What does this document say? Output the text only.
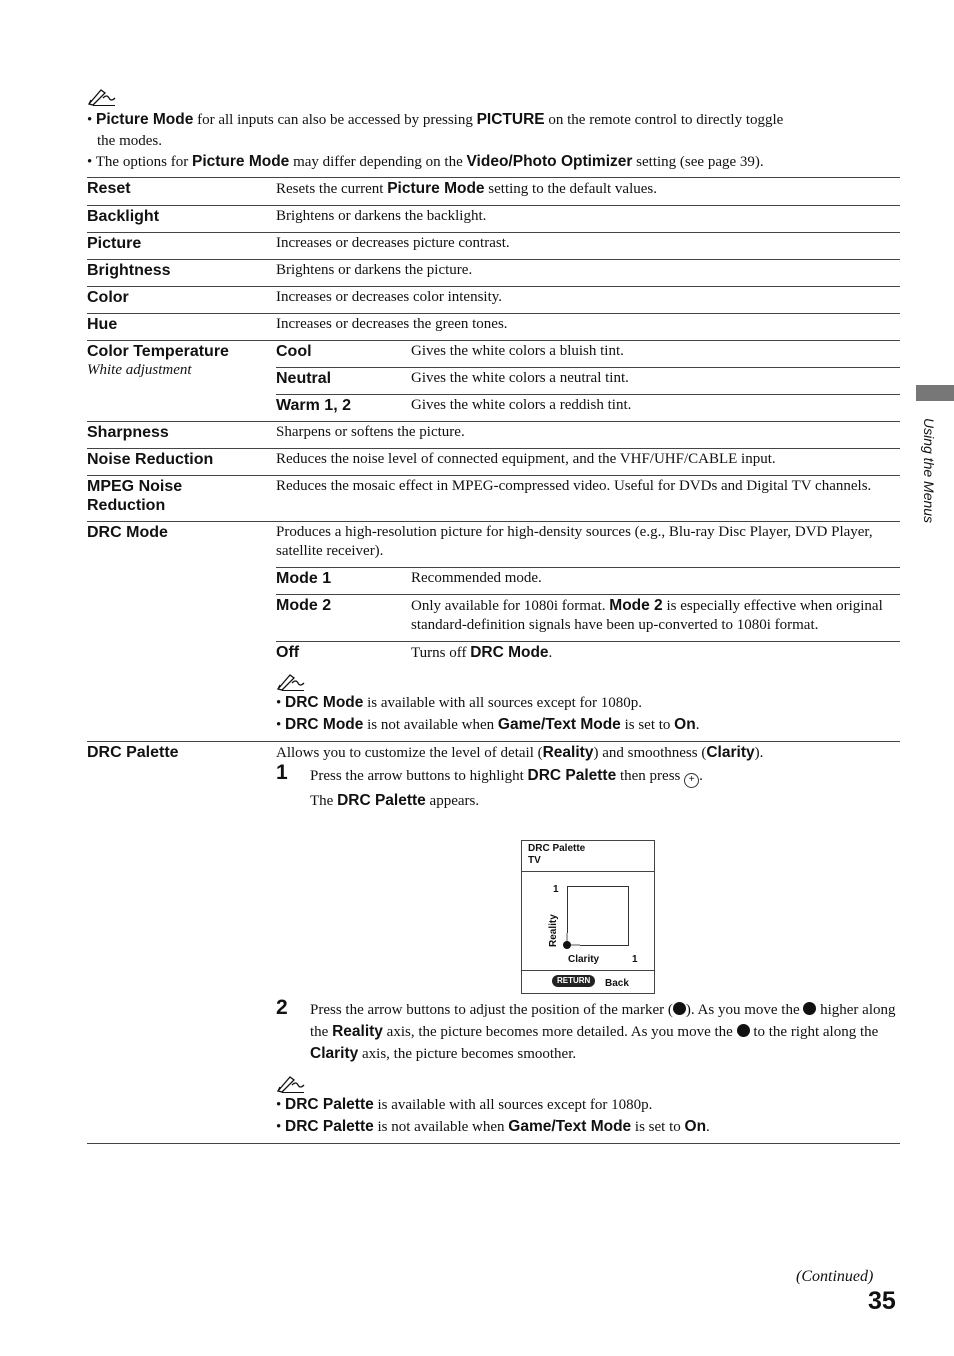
• Picture Mode for all inputs can also be accessed by pressing PICTURE on the remote control to directly toggle
the modes.
• The options for Picture Mode may differ depending on the Video/Photo Optimizer setting (see page 39).
Reset	Resets the current Picture Mode setting to the default values.

Backlight	Brightens or darkens the backlight.

Picture	Increases or decreases picture contrast.

Brightness	Brightens or darkens the picture.

Color	Increases or decreases color intensity.

Hue	Increases or decreases the green tones.

Color Temperature
White adjustment

Cool	Gives the white colors a bluish tint.
Neutral	Gives the white colors a neutral tint.
Warm 1, 2	Gives the white colors a reddish tint.

Sharpness	Sharpens or softens the picture.

Noise Reduction	Reduces the noise level of connected equipment, and the VHF/UHF/CABLE input.

MPEG Noise Reduction
	Reduces the mosaic effect in MPEG-compressed video. Useful for DVDs and Digital TV channels.

DRC Mode	Produces a high-resolution picture for high-density sources (e.g., Blu-ray Disc Player, DVD Player, satellite receiver).
Mode 1	Recommended mode.
Mode 2	Only available for 1080i format. Mode 2 is especially effective when original standard-definition signals have been up-converted to 1080i format.
Off	Turns off DRC Mode.
• DRC Mode is available with all sources except for 1080p.
• DRC Mode is not available when Game/Text Mode is set to On.

DRC Palette	Allows you to customize the level of detail (Reality) and smoothness (Clarity).
1 Press the arrow buttons to highlight DRC Palette then press + .
The DRC Palette appears.
2 Press the arrow buttons to adjust the position of the marker ( ). As you move the  higher along the Reality axis, the picture becomes more detailed. As you move the  to the right along the Clarity axis, the picture becomes smoother.
• DRC Palette is available with all sources except for 1080p.
• DRC Palette is not available when Game/Text Mode is set to On.
DRC Palette
TV
1
Reality
Clarity	1
RETURN	Back
Using the Menus
(Continued)
35
